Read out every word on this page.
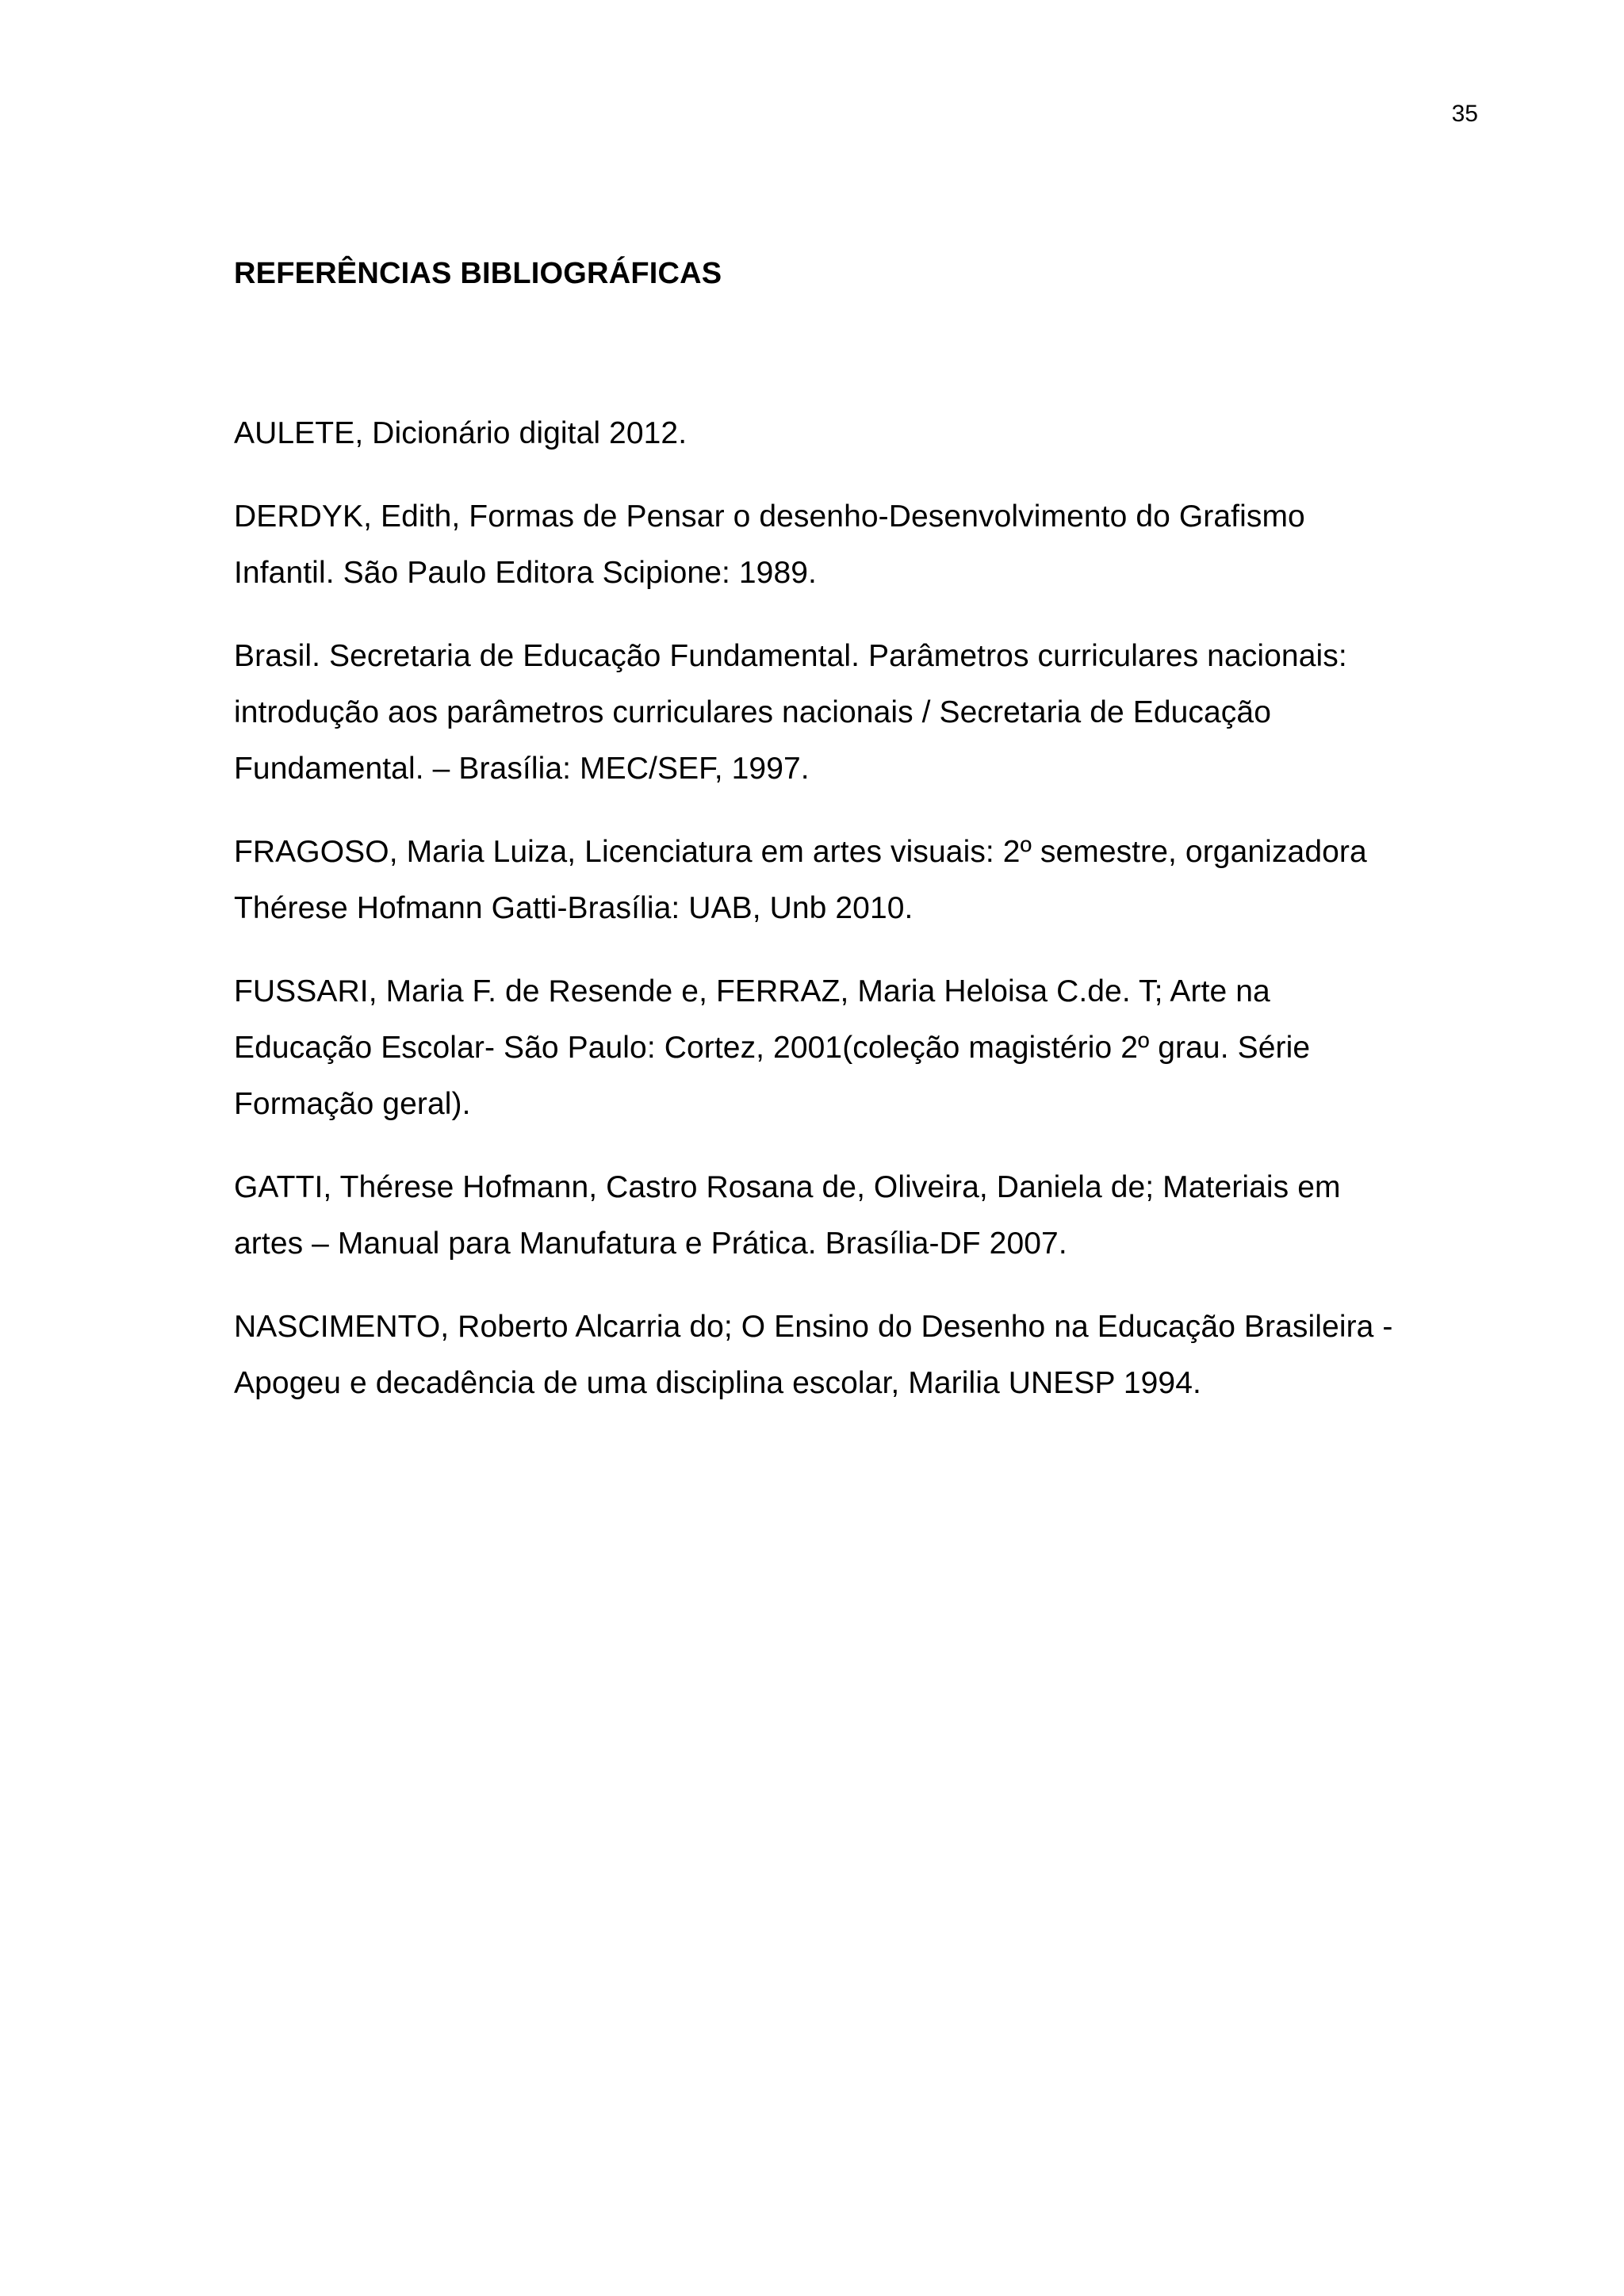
35
REFERÊNCIAS BIBLIOGRÁFICAS
AULETE, Dicionário digital 2012.
DERDYK, Edith, Formas de Pensar o desenho-Desenvolvimento do Grafismo
Infantil. São Paulo Editora Scipione: 1989.
Brasil. Secretaria de Educação Fundamental. Parâmetros curriculares nacionais:
introdução aos parâmetros curriculares nacionais / Secretaria de Educação
Fundamental. – Brasília: MEC/SEF, 1997.
FRAGOSO, Maria Luiza, Licenciatura em artes visuais: 2º semestre, organizadora
Thérese Hofmann Gatti-Brasília: UAB, Unb 2010.
FUSSARI, Maria F. de Resende e, FERRAZ, Maria Heloisa C.de. T; Arte na
Educação Escolar- São Paulo: Cortez, 2001(coleção magistério 2º grau. Série
Formação geral).
GATTI, Thérese Hofmann, Castro Rosana de, Oliveira, Daniela de; Materiais em
artes – Manual para Manufatura e Prática. Brasília-DF 2007.
NASCIMENTO, Roberto Alcarria do; O Ensino do Desenho na Educação Brasileira -
Apogeu e decadência de uma disciplina escolar, Marilia UNESP 1994.
